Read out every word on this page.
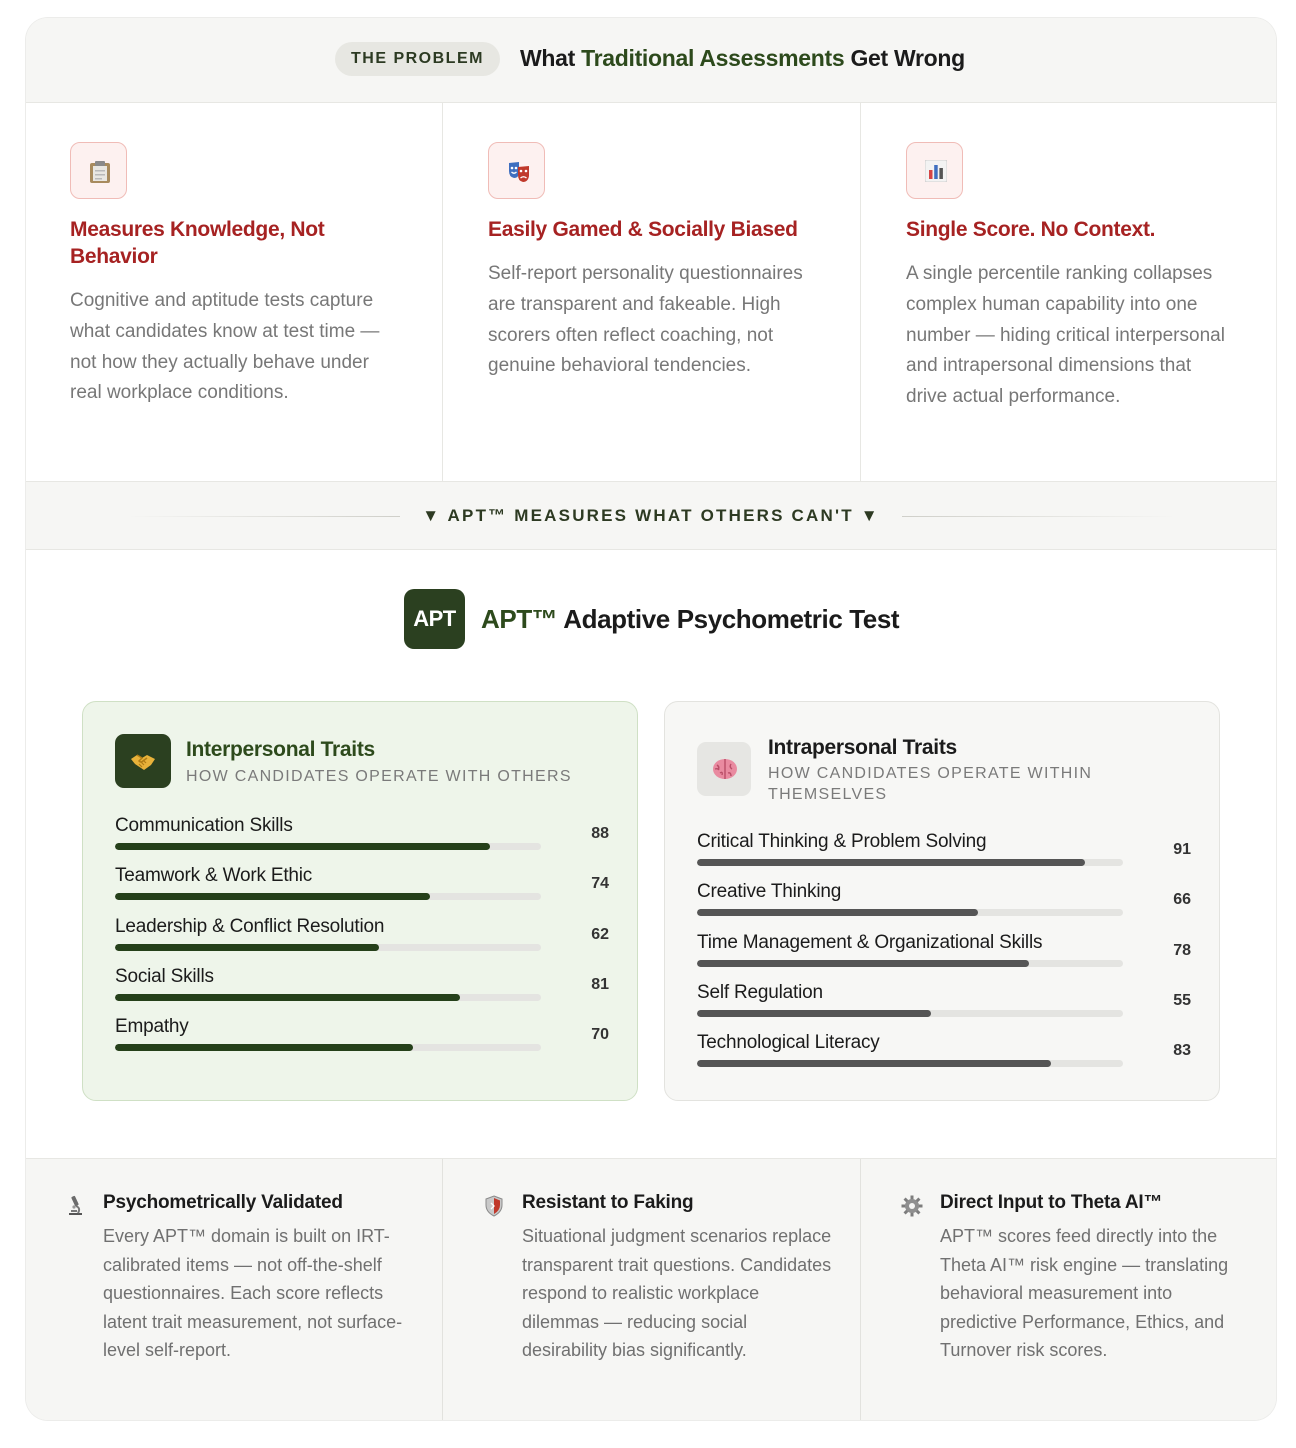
THE PROBLEM	What Traditional Assessments Get Wrong
Measures Knowledge, Not Behavior
Cognitive and aptitude tests capture what candidates know at test time — not how they actually behave under real workplace conditions.
Easily Gamed & Socially Biased
Self-report personality questionnaires are transparent and fakeable. High scorers often reflect coaching, not genuine behavioral tendencies.
Single Score. No Context.
A single percentile ranking collapses complex human capability into one number — hiding critical interpersonal and intrapersonal dimensions that drive actual performance.
▼ APT™ MEASURES WHAT OTHERS CAN'T ▼
APT APT™ Adaptive Psychometric Test
Interpersonal Traits
HOW CANDIDATES OPERATE WITH OTHERS
Communication Skills	88
Teamwork & Work Ethic	74
Leadership & Conflict Resolution	62
Social Skills	81
Empathy	70
Intrapersonal Traits
HOW CANDIDATES OPERATE WITHIN THEMSELVES
Critical Thinking & Problem Solving	91
Creative Thinking	66
Time Management & Organizational Skills	78
Self Regulation	55
Technological Literacy	83
Psychometrically Validated
Every APT™ domain is built on IRT-calibrated items — not off-the-shelf questionnaires. Each score reflects latent trait measurement, not surface-level self-report.
Resistant to Faking
Situational judgment scenarios replace transparent trait questions. Candidates respond to realistic workplace dilemmas — reducing social desirability bias significantly.
Direct Input to Theta AI™
APT™ scores feed directly into the Theta AI™ risk engine — translating behavioral measurement into predictive Performance, Ethics, and Turnover risk scores.
